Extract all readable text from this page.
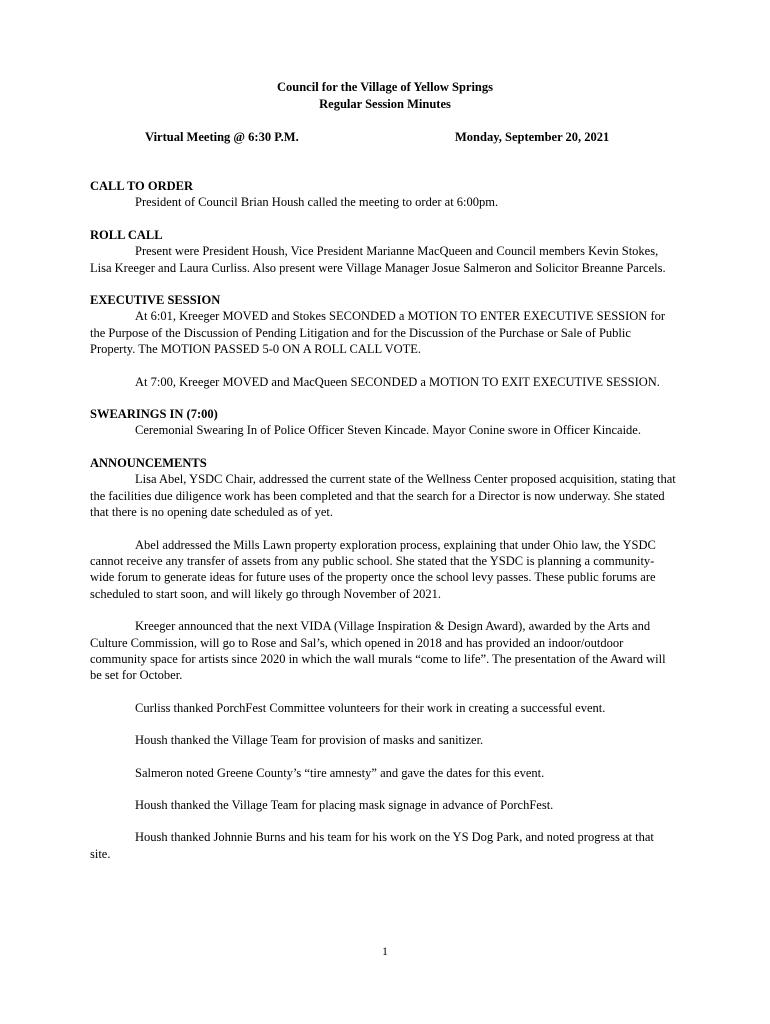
Council for the Village of Yellow Springs
Regular Session Minutes
Virtual Meeting @ 6:30 P.M.	Monday, September 20, 2021

CALL TO ORDER

President of Council Brian Housh called the meeting to order at 6:00pm.

ROLL CALL

Present were President Housh, Vice President Marianne MacQueen and Council members Kevin Stokes, Lisa Kreeger and Laura Curliss. Also present were Village Manager Josue Salmeron and Solicitor Breanne Parcels.

EXECUTIVE SESSION

At 6:01, Kreeger MOVED and Stokes SECONDED a MOTION TO ENTER EXECUTIVE SESSION for the Purpose of the Discussion of Pending Litigation and for the Discussion of the Purchase or Sale of Public Property. The MOTION PASSED 5-0 ON A ROLL CALL VOTE.

At 7:00, Kreeger MOVED and MacQueen SECONDED a MOTION TO EXIT EXECUTIVE SESSION.

SWEARINGS IN (7:00)

Ceremonial Swearing In of Police Officer Steven Kincade. Mayor Conine swore in Officer Kincaide.

ANNOUNCEMENTS

Lisa Abel, YSDC Chair, addressed the current state of the Wellness Center proposed acquisition, stating that the facilities due diligence work has been completed and that the search for a Director is now underway. She stated that there is no opening date scheduled as of yet.

Abel addressed the Mills Lawn property exploration process, explaining that under Ohio law, the YSDC cannot receive any transfer of assets from any public school. She stated that the YSDC is planning a community-wide forum to generate ideas for future uses of the property once the school levy passes. These public forums are scheduled to start soon, and will likely go through November of 2021.

Kreeger announced that the next VIDA (Village Inspiration & Design Award), awarded by the Arts and Culture Commission, will go to Rose and Sal’s, which opened in 2018 and has provided an indoor/outdoor community space for artists since 2020 in which the wall murals “come to life”. The presentation of the Award will be set for October.

Curliss thanked PorchFest Committee volunteers for their work in creating a successful event.

Housh thanked the Village Team for provision of masks and sanitizer.

Salmeron noted Greene County’s “tire amnesty” and gave the dates for this event.

Housh thanked the Village Team for placing mask signage in advance of PorchFest.

Housh thanked Johnnie Burns and his team for his work on the YS Dog Park, and noted progress at that site.

1
